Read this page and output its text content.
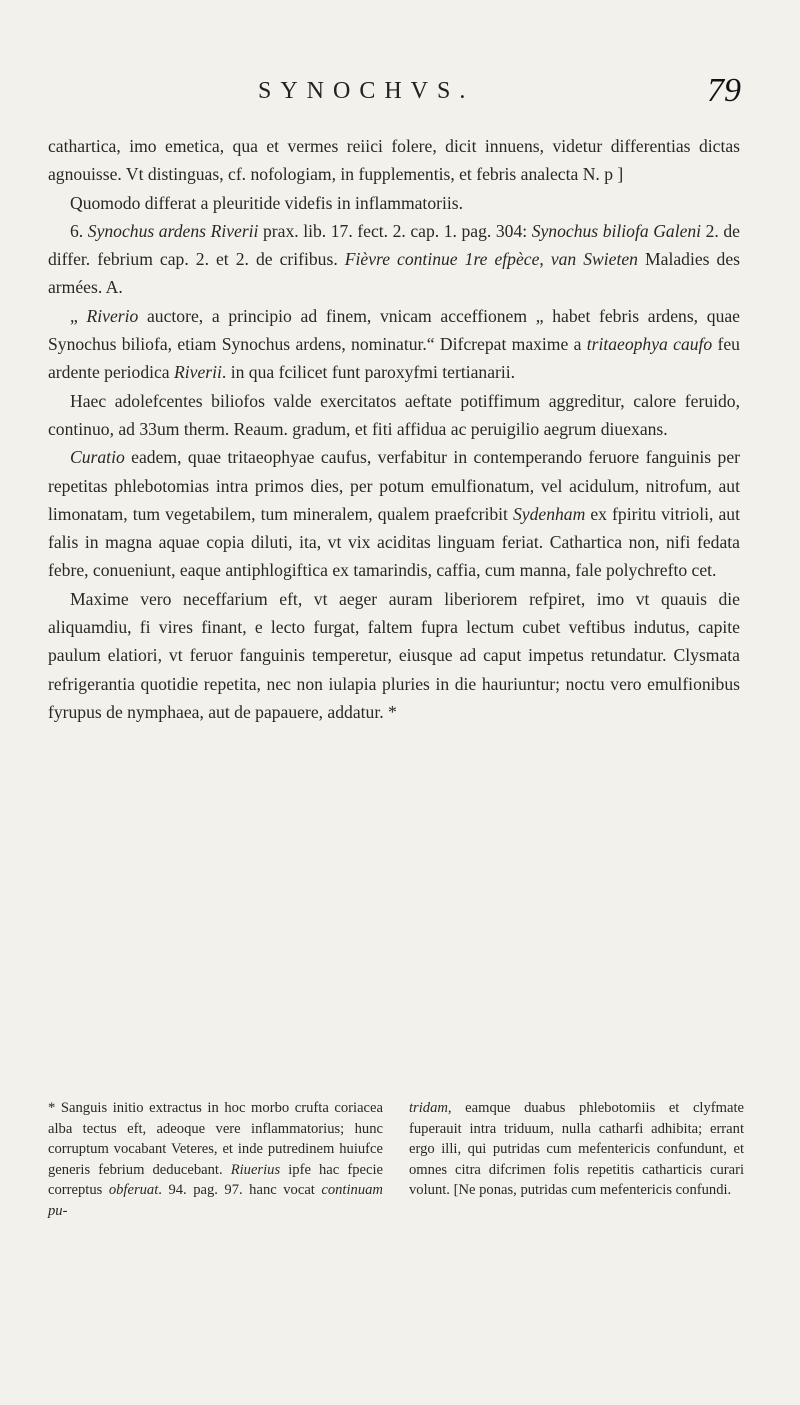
SYNOCHVS.	79

cathartica, imo emetica, qua et vermes reiici folere, dicit innuens, videtur differentias dictas agnouisse. Vt distinguas, cf. nofologiam, in fupplementis, et febris analecta N. p ]

Quomodo differat a pleuritide videfis in inflammatoriis.

6. Synochus ardens Riverii prax. lib. 17. fect. 2. cap. 1. pag. 304: Synochus biliofa Galeni 2. de differ. febrium cap. 2. et 2. de crifibus. Fièvre continue 1re efpèce, van Swieten Maladies des armées. A.

„ Riverio auctore, a principio ad finem, vnicam acceffionem „ habet febris ardens, quae Synochus biliofa, etiam Synochus ardens, nominatur.“ Difcrepat maxime a tritaeophya caufo feu ardente periodica Riverii. in qua fcilicet funt paroxyfmi tertianarii.

Haec adolefcentes biliofos valde exercitatos aeftate potiffimum aggreditur, calore feruido, continuo, ad 33um therm. Reaum. gradum, et fiti affidua ac peruigilio aegrum diuexans.

Curatio eadem, quae tritaeophyae caufus, verfabitur in contemperando feruore fanguinis per repetitas phlebotomias intra primos dies, per potum emulfionatum, vel acidulum, nitrofum, aut limonatam, tum vegetabilem, tum mineralem, qualem praefcribit Sydenham ex fpiritu vitrioli, aut falis in magna aquae copia diluti, ita, vt vix aciditas linguam feriat. Cathartica non, nifi fedata febre, conueniunt, eaque antiphlogiftica ex tamarindis, caffia, cum manna, fale polychrefto cet.

Maxime vero neceffarium eft, vt aeger auram liberiorem refpiret, imo vt quauis die aliquamdiu, fi vires finant, e lecto furgat, faltem fupra lectum cubet veftibus indutus, capite paulum elatiori, vt feruor fanguinis temperetur, eiusque ad caput impetus retundatur. Clysmata refrigerantia quotidie repetita, nec non iulapia pluries in die hauriuntur; noctu vero emulfionibus fyrupus de nymphaea, aut de papauere, addatur. *

* Sanguis initio extractus in hoc morbo crufta coriacea alba tectus eft, adeoque vere inflammatorius; hunc corruptum vocabant Veteres, et inde putredinem huiufce generis febrium deducebant. Riuerius ipfe hac fpecie correptus obferuat. 94. pag. 97. hanc vocat continuam pu-

tridam, eamque duabus phlebotomiis et clyfmate fuperauit intra triduum, nulla catharfi adhibita; errant ergo illi, qui putridas cum mefentericis confundunt, et omnes citra difcrimen folis repetitis catharticis curari volunt. [Ne ponas, putridas cum mefentericis confundi.
